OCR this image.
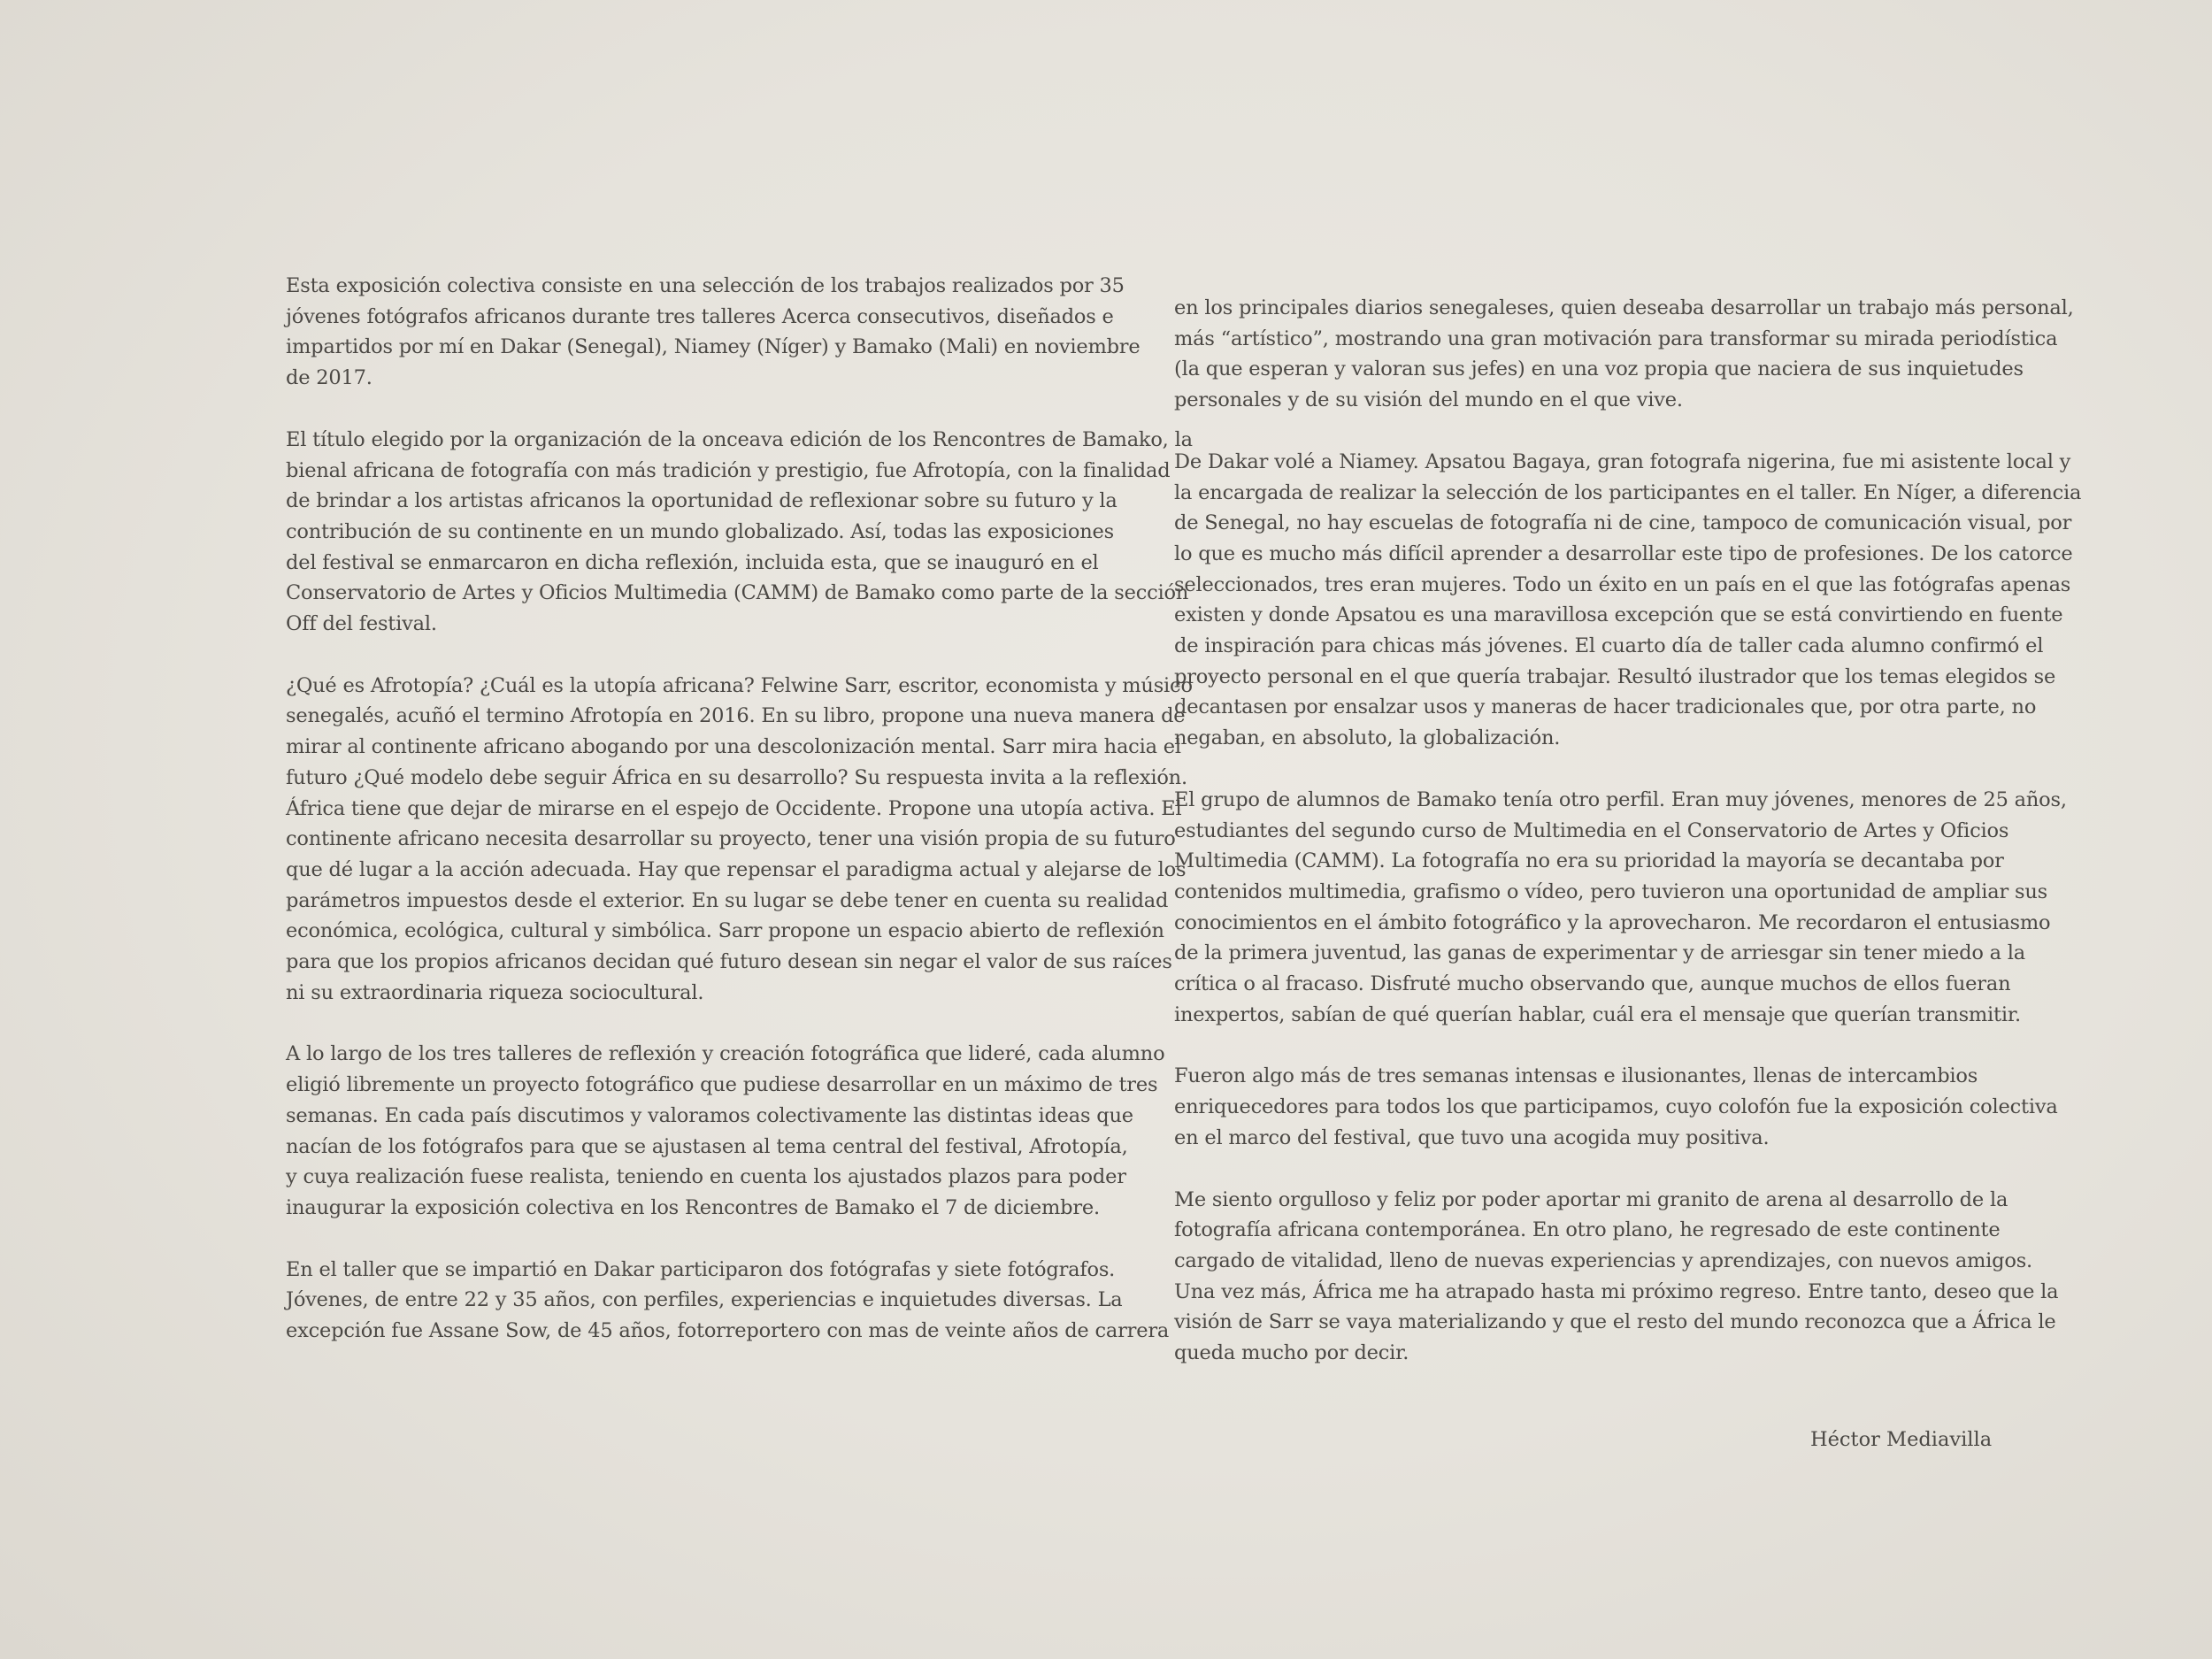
Esta exposición colectiva consiste en una selección de los trabajos realizados por 35
jóvenes fotógrafos africanos durante tres talleres Acerca consecutivos, diseñados e
impartidos por mí en Dakar (Senegal), Niamey (Níger) y Bamako (Mali) en noviembre
de 2017.
El título elegido por la organización de la onceava edición de los Rencontres de Bamako, la
bienal africana de fotografía con más tradición y prestigio, fue Afrotopía, con la finalidad
de brindar a los artistas africanos la oportunidad de reflexionar sobre su futuro y la
contribución de su continente en un mundo globalizado. Así, todas las exposiciones
del festival se enmarcaron en dicha reflexión, incluida esta, que se inauguró en el
Conservatorio de Artes y Oficios Multimedia (CAMM) de Bamako como parte de la sección
Off del festival.
¿Qué es Afrotopía? ¿Cuál es la utopía africana? Felwine Sarr, escritor, economista y músico
senegalés, acuñó el termino Afrotopía en 2016. En su libro, propone una nueva manera de
mirar al continente africano abogando por una descolonización mental. Sarr mira hacia el
futuro ¿Qué modelo debe seguir África en su desarrollo? Su respuesta invita a la reflexión.
África tiene que dejar de mirarse en el espejo de Occidente. Propone una utopía activa. El
continente africano necesita desarrollar su proyecto, tener una visión propia de su futuro
que dé lugar a la acción adecuada. Hay que repensar el paradigma actual y alejarse de los
parámetros impuestos desde el exterior. En su lugar se debe tener en cuenta su realidad
económica, ecológica, cultural y simbólica. Sarr propone un espacio abierto de reflexión
para que los propios africanos decidan qué futuro desean sin negar el valor de sus raíces
ni su extraordinaria riqueza sociocultural.
A lo largo de los tres talleres de reflexión y creación fotográfica que lideré, cada alumno
eligió libremente un proyecto fotográfico que pudiese desarrollar en un máximo de tres
semanas. En cada país discutimos y valoramos colectivamente las distintas ideas que
nacían de los fotógrafos para que se ajustasen al tema central del festival, Afrotopía,
y cuya realización fuese realista, teniendo en cuenta los ajustados plazos para poder
inaugurar la exposición colectiva en los Rencontres de Bamako el 7 de diciembre.
En el taller que se impartió en Dakar participaron dos fotógrafas y siete fotógrafos.
Jóvenes, de entre 22 y 35 años, con perfiles, experiencias e inquietudes diversas. La
excepción fue Assane Sow, de 45 años, fotorreportero con mas de veinte años de carrera
en los principales diarios senegaleses, quien deseaba desarrollar un trabajo más personal,
más “artístico”, mostrando una gran motivación para transformar su mirada periodística
(la que esperan y valoran sus jefes) en una voz propia que naciera de sus inquietudes
personales y de su visión del mundo en el que vive.
De Dakar volé a Niamey. Apsatou Bagaya, gran fotografa nigerina, fue mi asistente local y
la encargada de realizar la selección de los participantes en el taller. En Níger, a diferencia
de Senegal, no hay escuelas de fotografía ni de cine, tampoco de comunicación visual, por
lo que es mucho más difícil aprender a desarrollar este tipo de profesiones. De los catorce
seleccionados, tres eran mujeres. Todo un éxito en un país en el que las fotógrafas apenas
existen y donde Apsatou es una maravillosa excepción que se está convirtiendo en fuente
de inspiración para chicas más jóvenes. El cuarto día de taller cada alumno confirmó el
proyecto personal en el que quería trabajar. Resultó ilustrador que los temas elegidos se
decantasen por ensalzar usos y maneras de hacer tradicionales que, por otra parte, no
negaban, en absoluto, la globalización.
El grupo de alumnos de Bamako tenía otro perfil. Eran muy jóvenes, menores de 25 años,
estudiantes del segundo curso de Multimedia en el Conservatorio de Artes y Oficios
Multimedia (CAMM). La fotografía no era su prioridad la mayoría se decantaba por
contenidos multimedia, grafismo o vídeo, pero tuvieron una oportunidad de ampliar sus
conocimientos en el ámbito fotográfico y la aprovecharon. Me recordaron el entusiasmo
de la primera juventud, las ganas de experimentar y de arriesgar sin tener miedo a la
crítica o al fracaso. Disfruté mucho observando que, aunque muchos de ellos fueran
inexpertos, sabían de qué querían hablar, cuál era el mensaje que querían transmitir.
Fueron algo más de tres semanas intensas e ilusionantes, llenas de intercambios
enriquecedores para todos los que participamos, cuyo colofón fue la exposición colectiva
en el marco del festival, que tuvo una acogida muy positiva.
Me siento orgulloso y feliz por poder aportar mi granito de arena al desarrollo de la
fotografía africana contemporánea. En otro plano, he regresado de este continente
cargado de vitalidad, lleno de nuevas experiencias y aprendizajes, con nuevos amigos.
Una vez más, África me ha atrapado hasta mi próximo regreso. Entre tanto, deseo que la
visión de Sarr se vaya materializando y que el resto del mundo reconozca que a África le
queda mucho por decir.
Héctor Mediavilla
